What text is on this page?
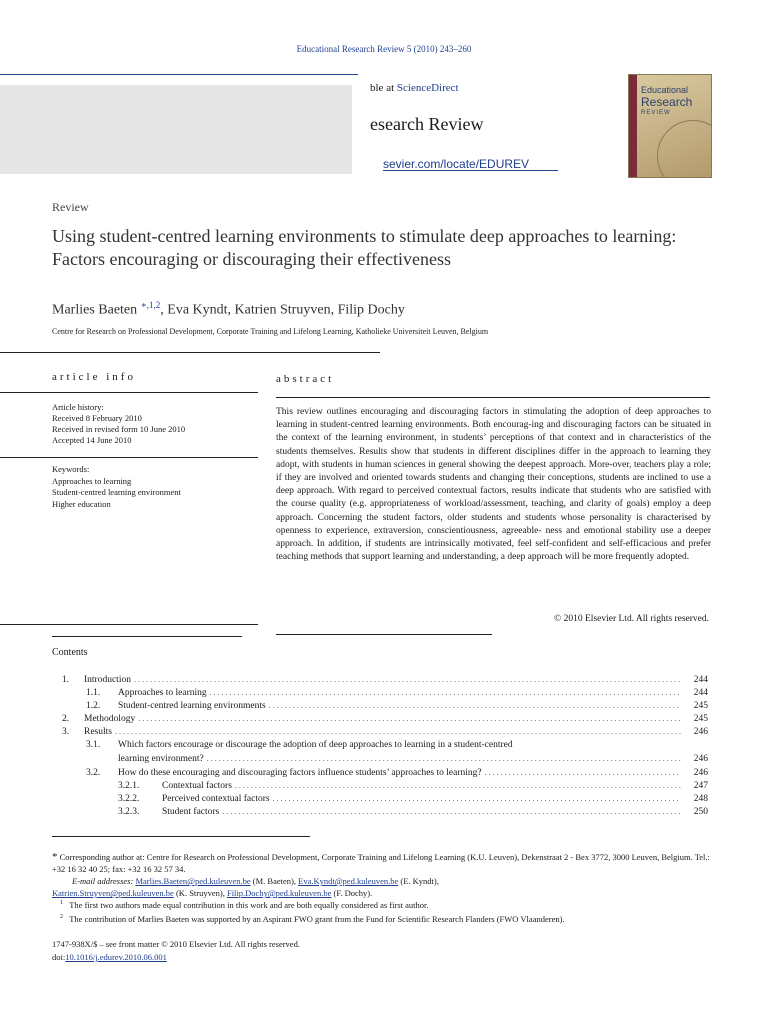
Educational Research Review 5 (2010) 243–260
ble at ScienceDirect
esearch Review
sevier.com/locate/EDUREV
Educational
Research
REVIEW
Review
Using student-centred learning environments to stimulate deep approaches to learning: Factors encouraging or discouraging their effectiveness
Marlies Baeten $^{∗,1,2}$, Eva Kyndt, Katrien Struyven, Filip Dochy
Centre for Research on Professional Development, Corporate Training and Lifelong Learning, Katholieke Universiteit Leuven, Belgium
article info	abstract
Article history:
Received 8 February 2010
Received in revised form 10 June 2010
Accepted 14 June 2010
Keywords:
Approaches to learning
Student-centred learning environment
Higher education
This review outlines encouraging and discouraging factors in stimulating the adoption of deep approaches to learning in student-centred learning environments. Both encourag-ing and discouraging factors can be situated in the context of the learning environment, in students’ perceptions of that context and in characteristics of the students themselves. Results show that students in different disciplines differ in the approach to learning they adopt, with students in human sciences in general showing the deepest approach. More-over, teachers play a role; if they are involved and oriented towards students and changing their conceptions, students are inclined to use a deep approach. With regard to perceived contextual factors, results indicate that students who are satisfied with the course quality (e.g. appropriateness of workload/assessment, teaching, and clarity of goals) employ a deep approach. Concerning the student factors, older students and students whose personality is characterised by openness to experience, extraversion, conscientiousness, agreeable- ness and emotional stability use a deeper approach. In addition, if students are intrinsically motivated, feel self-confident and self-efficacious and prefer teaching methods that support learning and understanding, a deep approach will be more frequently adopted.
© 2010 Elsevier Ltd. All rights reserved.
Contents
1.	Introduction . . .	244
1.1.	Approaches to learning . . .	244
1.2.	Student-centred learning environments . . .	245
2.	Methodology . . .	245
3.	Results . . .	246
3.1.	Which factors encourage or discourage the adoption of deep approaches to learning in a student-centred
learning environment? . . .	246
3.2.	How do these encouraging and discouraging factors influence students’ approaches to learning? . . .	246
3.2.1.	Contextual factors . . .	247
3.2.2.	Perceived contextual factors . . .	248
3.2.3.	Student factors . . .	250
* Corresponding author at: Centre for Research on Professional Development, Corporate Training and Lifelong Learning (K.U. Leuven), Dekenstraat 2 - Bex 3772, 3000 Leuven, Belgium. Tel.: +32 16 32 40 25; fax: +32 16 32 57 34.
E-mail addresses: Marlies.Baeten@ped.kuleuven.be (M. Baeten), Eva.Kyndt@ped.kuleuven.be (E. Kyndt),
Katrien.Struyven@ped.kuleuven.be (K. Struyven), Filip.Dochy@ped.kuleuven.be (F. Dochy).
$^1$ The first two authors made equal contribution in this work and are both equally considered as first author.
$^2$ The contribution of Marlies Baeten was supported by an Aspirant FWO grant from the Fund for Scientific Research Flanders (FWO Vlaanderen).
1747-938X/$ – see front matter © 2010 Elsevier Ltd. All rights reserved.
doi:10.1016/j.edurev.2010.06.001
